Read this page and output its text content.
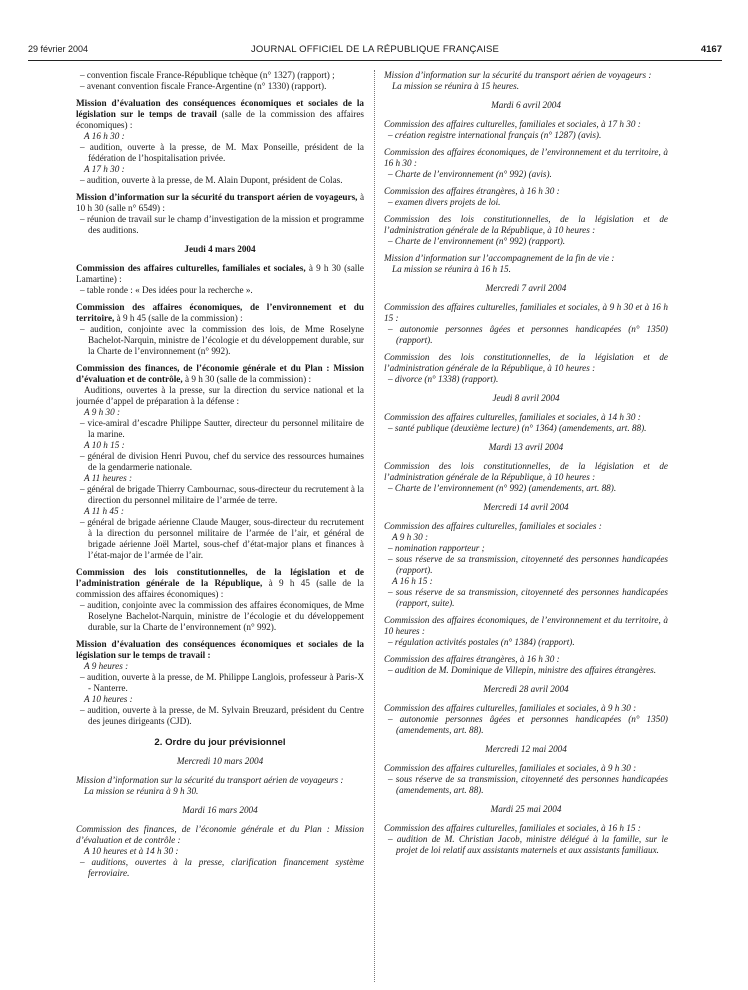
29 février 2004	JOURNAL OFFICIEL DE LA RÉPUBLIQUE FRANÇAISE	4167

– convention fiscale France-République tchèque (n° 1327) (rapport) ;

– avenant convention fiscale France-Argentine (n° 1330) (rapport).

Mission d’évaluation des conséquences économiques et sociales de la législation sur le temps de travail (salle de la commission des affaires économiques) :

A 16 h 30 :

– audition, ouverte à la presse, de M. Max Ponseille, président de la fédération de l’hospitalisation privée.

A 17 h 30 :

– audition, ouverte à la presse, de M. Alain Dupont, président de Colas.

Mission d’information sur la sécurité du transport aérien de voyageurs, à 10 h 30 (salle n° 6549) :

– réunion de travail sur le champ d’investigation de la mission et programme des auditions.

Jeudi 4 mars 2004

Commission des affaires culturelles, familiales et sociales, à 9 h 30 (salle Lamartine) :

– table ronde : « Des idées pour la recherche ».

Commission des affaires économiques, de l’environnement et du territoire, à 9 h 45 (salle de la commission) :

– audition, conjointe avec la commission des lois, de Mme Roselyne Bachelot-Narquin, ministre de l’écologie et du développement durable, sur la Charte de l’environnement (n° 992).

Commission des finances, de l’économie générale et du Plan : Mission d’évaluation et de contrôle, à 9 h 30 (salle de la commission) :

Auditions, ouvertes à la presse, sur la direction du service national et la journée d’appel de préparation à la défense :

A 9 h 30 :

– vice-amiral d’escadre Philippe Sautter, directeur du personnel militaire de la marine.

A 10 h 15 :

– général de division Henri Puvou, chef du service des ressources humaines de la gendarmerie nationale.

A 11 heures :

– général de brigade Thierry Cambournac, sous-directeur du recrutement à la direction du personnel militaire de l’armée de terre.

A 11 h 45 :

– général de brigade aérienne Claude Mauger, sous-directeur du recrutement à la direction du personnel militaire de l’armée de l’air, et général de brigade aérienne Joël Martel, sous-chef d’état-major plans et finances à l’état-major de l’armée de l’air.

Commission des lois constitutionnelles, de la législation et de l’administration générale de la République, à 9 h 45 (salle de la commission des affaires économiques) :

– audition, conjointe avec la commission des affaires économiques, de Mme Roselyne Bachelot-Narquin, ministre de l’écologie et du développement durable, sur la Charte de l’environnement (n° 992).

Mission d’évaluation des conséquences économiques et sociales de la législation sur le temps de travail :

A 9 heures :

– audition, ouverte à la presse, de M. Philippe Langlois, professeur à Paris-X - Nanterre.

A 10 heures :

– audition, ouverte à la presse, de M. Sylvain Breuzard, président du Centre des jeunes dirigeants (CJD).

2. Ordre du jour prévisionnel
Mercredi 10 mars 2004

Mission d’information sur la sécurité du transport aérien de voyageurs :

La mission se réunira à 9 h 30.

Mardi 16 mars 2004

Commission des finances, de l’économie générale et du Plan : Mission d’évaluation et de contrôle :

A 10 heures et à 14 h 30 :

– auditions, ouvertes à la presse, clarification financement système ferroviaire.

Mission d’information sur la sécurité du transport aérien de voyageurs :

La mission se réunira à 15 heures.

Mardi 6 avril 2004

Commission des affaires culturelles, familiales et sociales, à 17 h 30 :

– création registre international français (n° 1287) (avis).

Commission des affaires économiques, de l’environnement et du territoire, à 16 h 30 :

– Charte de l’environnement (n° 992) (avis).

Commission des affaires étrangères, à 16 h 30 :

– examen divers projets de loi.

Commission des lois constitutionnelles, de la législation et de l’administration générale de la République, à 10 heures :

– Charte de l’environnement (n° 992) (rapport).

Mission d’information sur l’accompagnement de la fin de vie :

La mission se réunira à 16 h 15.

Mercredi 7 avril 2004

Commission des affaires culturelles, familiales et sociales, à 9 h 30 et à 16 h 15 :

– autonomie personnes âgées et personnes handicapées (n° 1350) (rapport).

Commission des lois constitutionnelles, de la législation et de l’administration générale de la République, à 10 heures :

– divorce (n° 1338) (rapport).

Jeudi 8 avril 2004

Commission des affaires culturelles, familiales et sociales, à 14 h 30 :

– santé publique (deuxième lecture) (n° 1364) (amendements, art. 88).

Mardi 13 avril 2004

Commission des lois constitutionnelles, de la législation et de l’administration générale de la République, à 10 heures :

– Charte de l’environnement (n° 992) (amendements, art. 88).

Mercredi 14 avril 2004

Commission des affaires culturelles, familiales et sociales :

A 9 h 30 :

– nomination rapporteur ;

– sous réserve de sa transmission, citoyenneté des personnes handicapées (rapport).

A 16 h 15 :

– sous réserve de sa transmission, citoyenneté des personnes handicapées (rapport, suite).

Commission des affaires économiques, de l’environnement et du territoire, à 10 heures :

– régulation activités postales (n° 1384) (rapport).

Commission des affaires étrangères, à 16 h 30 :

– audition de M. Dominique de Villepin, ministre des affaires étrangères.

Mercredi 28 avril 2004

Commission des affaires culturelles, familiales et sociales, à 9 h 30 :

– autonomie personnes âgées et personnes handicapées (n° 1350) (amendements, art. 88).

Mercredi 12 mai 2004

Commission des affaires culturelles, familiales et sociales, à 9 h 30 :

– sous réserve de sa transmission, citoyenneté des personnes handicapées (amendements, art. 88).

Mardi 25 mai 2004

Commission des affaires culturelles, familiales et sociales, à 16 h 15 :

– audition de M. Christian Jacob, ministre délégué à la famille, sur le projet de loi relatif aux assistants maternels et aux assistants familiaux.
